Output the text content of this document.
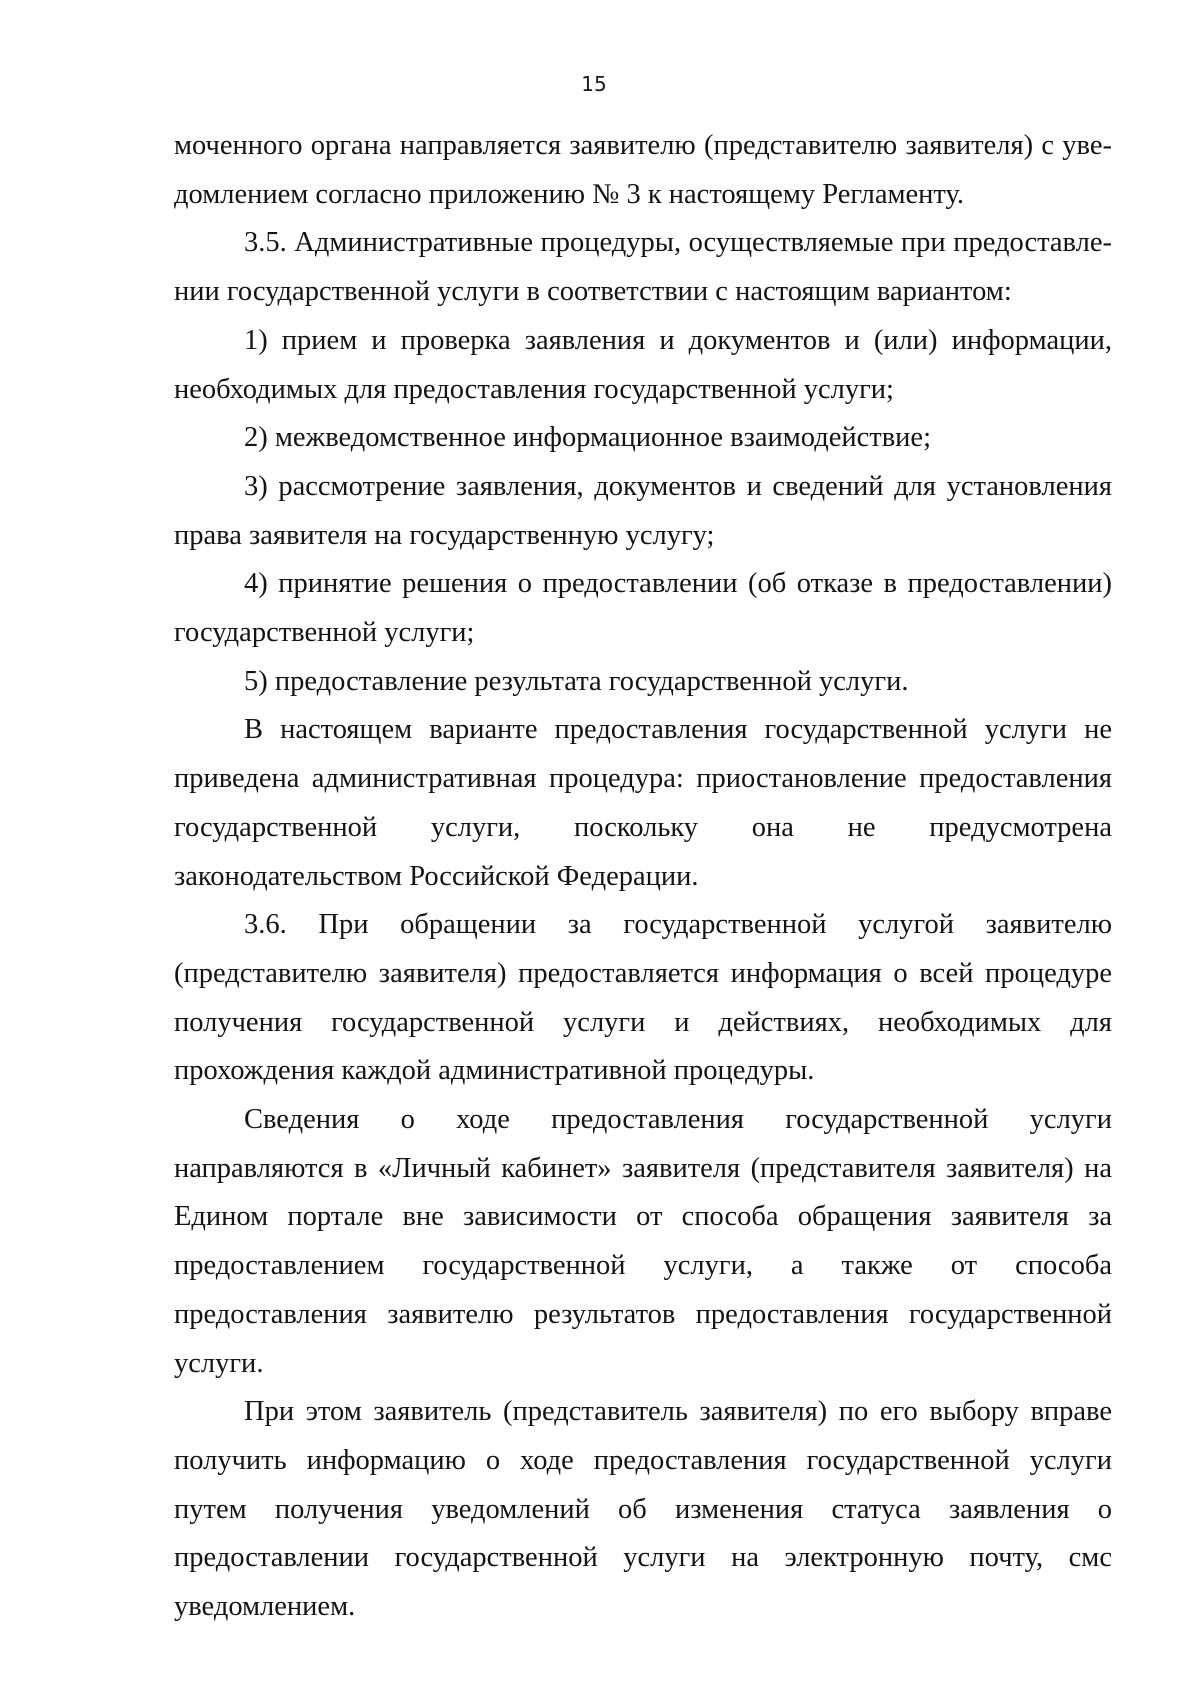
15

моченного органа направляется заявителю (представителю заявителя) с уведомлением согласно приложению № 3 к настоящему Регламенту.

3.5. Административные процедуры, осуществляемые при предоставлении государственной услуги в соответствии с настоящим вариантом:

1) прием и проверка заявления и документов и (или) информации, необходимых для предоставления государственной услуги;

2) межведомственное информационное взаимодействие;

3) рассмотрение заявления, документов и сведений для установления права заявителя на государственную услугу;

4) принятие решения о предоставлении (об отказе в предоставлении) государственной услуги;

5) предоставление результата государственной услуги.

В настоящем варианте предоставления государственной услуги не приведена административная процедура: приостановление предоставления государственной услуги, поскольку она не предусмотрена законодательством Российской Федерации.

3.6. При обращении за государственной услугой заявителю (представителю заявителя) предоставляется информация о всей процедуре получения государственной услуги и действиях, необходимых для прохождения каждой административной процедуры.

Сведения о ходе предоставления государственной услуги направляются в «Личный кабинет» заявителя (представителя заявителя) на Едином портале вне зависимости от способа обращения заявителя за предоставлением государственной услуги, а также от способа предоставления заявителю результатов предоставления государственной услуги.

При этом заявитель (представитель заявителя) по его выбору вправе получить информацию о ходе предоставления государственной услуги путем получения уведомлений об изменения статуса заявления о предоставлении государственной услуги на электронную почту, смс уведомлением.
